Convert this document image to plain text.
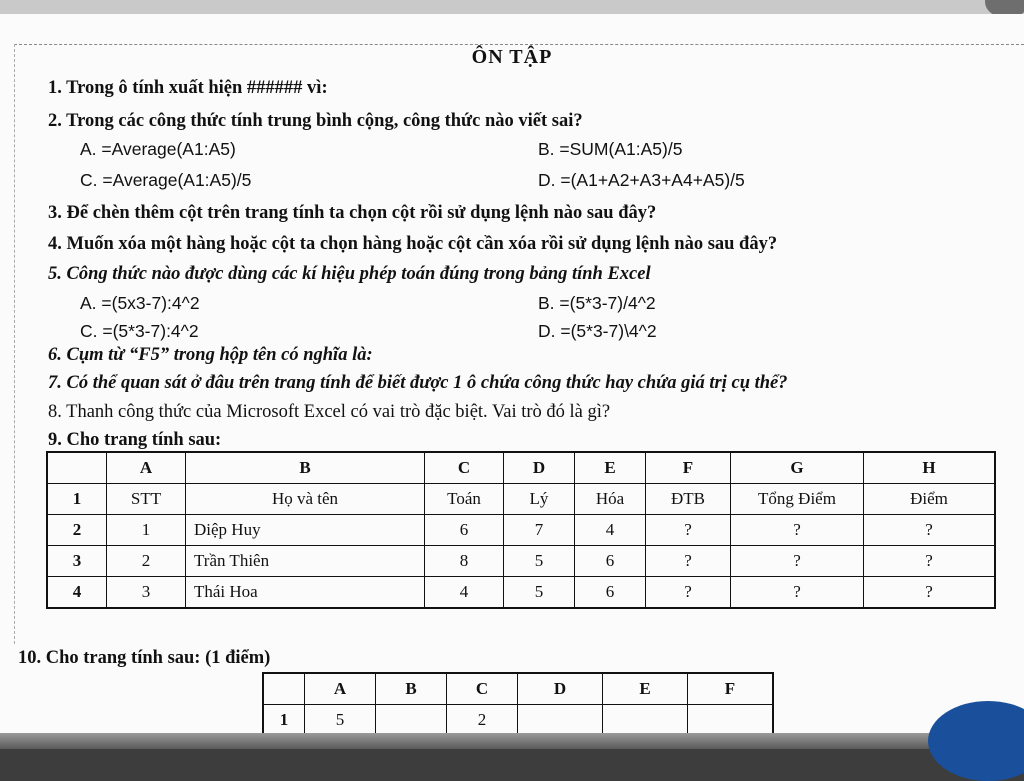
ÔN TẬP
1. Trong ô tính xuất hiện ###### vì:
2. Trong các công thức tính trung bình cộng, công thức nào viết sai?
A. =Average(A1:A5)	B. =SUM(A1:A5)/5
C. =Average(A1:A5)/5	D. =(A1+A2+A3+A4+A5)/5
3. Để chèn thêm cột trên trang tính ta chọn cột rồi sử dụng lệnh nào sau đây?
4. Muốn xóa một hàng hoặc cột ta chọn hàng hoặc cột cần xóa rồi sử dụng lệnh nào sau đây?
5. Công thức nào được dùng các kí hiệu phép toán đúng trong bảng tính Excel
A. =(5x3-7):4^2	B. =(5*3-7)/4^2
C. =(5*3-7):4^2	D. =(5*3-7)\4^2
6. Cụm từ “F5” trong hộp tên có nghĩa là:
7. Có thể quan sát ở đâu trên trang tính để biết được 1 ô chứa công thức hay chứa giá trị cụ thể?
8. Thanh công thức của Microsoft Excel có vai trò đặc biệt. Vai trò đó là gì?
9. Cho trang tính sau:
	A	B	C	D	E	F	G	H
1	STT	Họ và tên	Toán	Lý	Hóa	ĐTB	Tổng Điểm	Điểm
2	1	Diệp Huy	6	7	4	?	?	?
3	2	Trần Thiên	8	5	6	?	?	?
4	3	Thái Hoa	4	5	6	?	?	?
10. Cho trang tính sau: (1 điểm)
	A	B	C	D	E	F
1	5		2			
